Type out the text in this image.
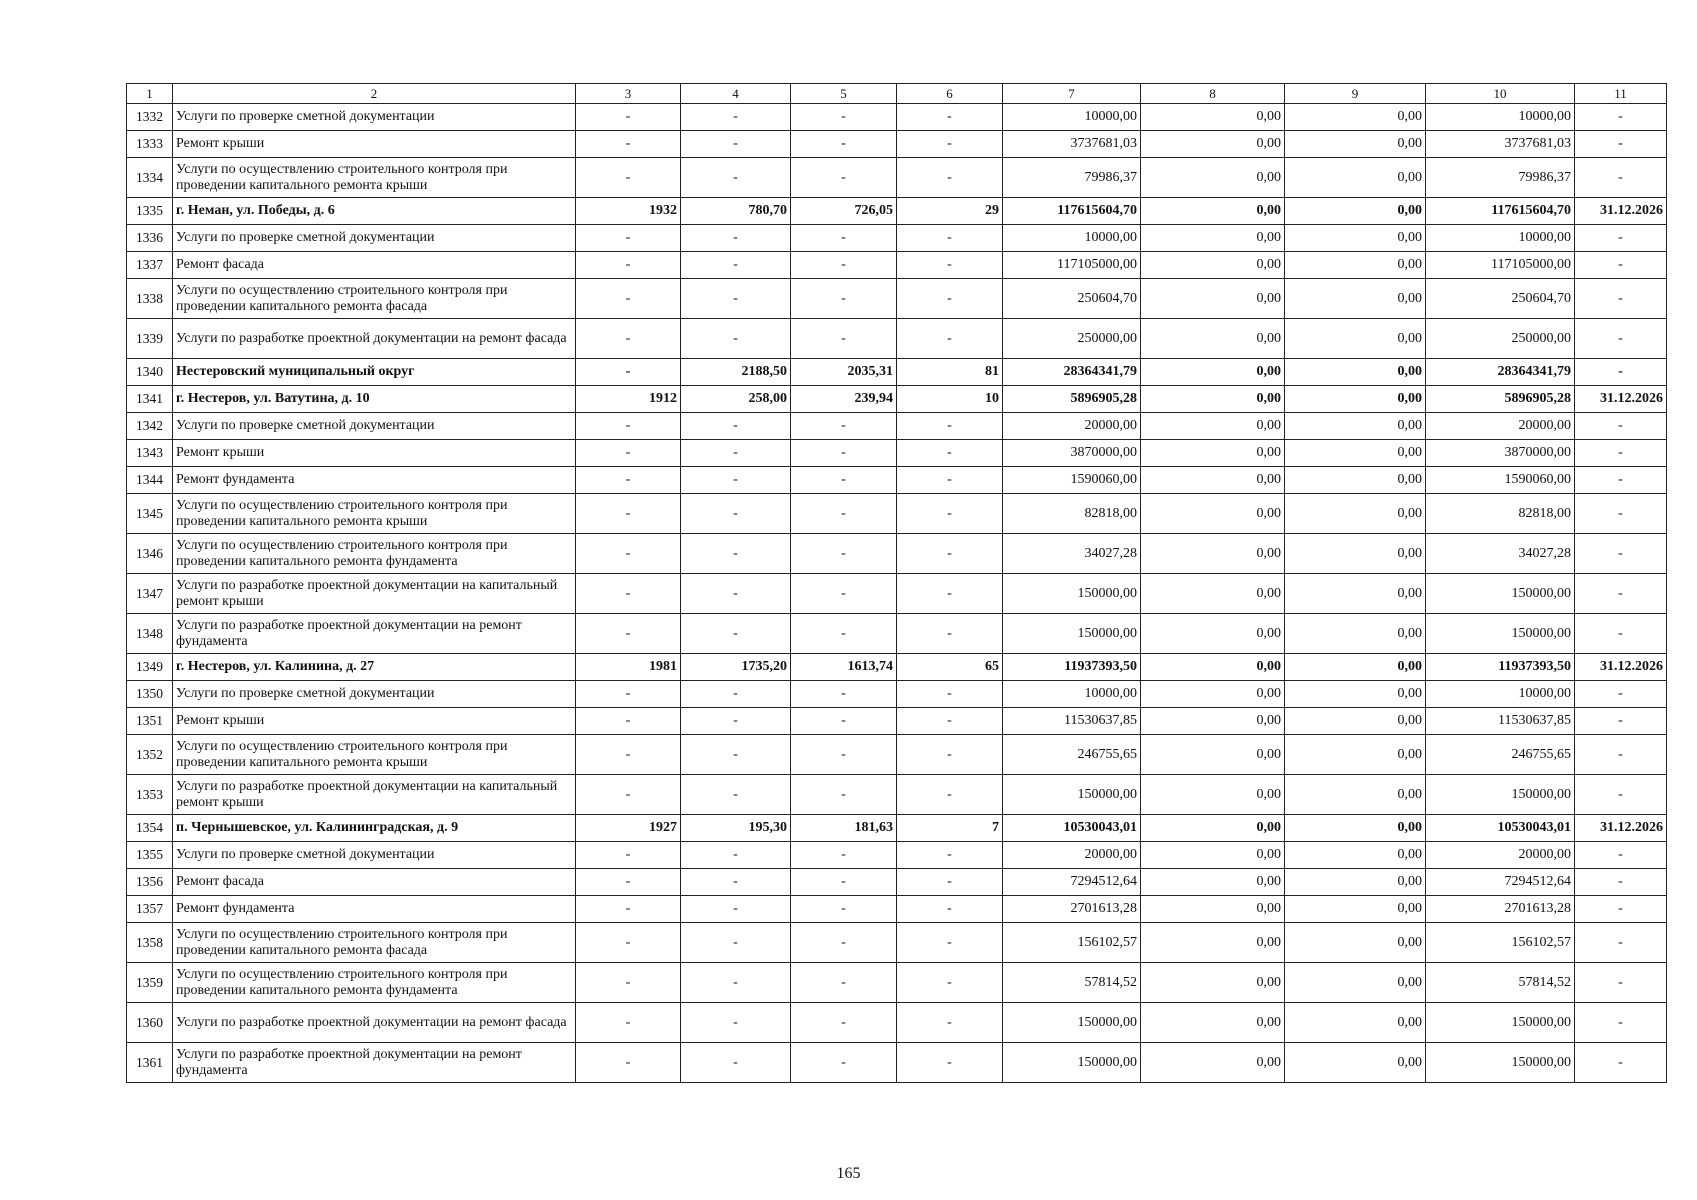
1	2	3	4	5	6	7	8	9	10	11
1332	Услуги по проверке сметной документации	-	-	-	-	10000,00	0,00	0,00	10000,00	-
1333	Ремонт крыши	-	-	-	-	3737681,03	0,00	0,00	3737681,03	-
1334	Услуги по осуществлению строительного контроля при проведении капитального ремонта крыши	-	-	-	-	79986,37	0,00	0,00	79986,37	-
1335	г. Неман, ул. Победы, д. 6	1932	780,70	726,05	29	117615604,70	0,00	0,00	117615604,70	31.12.2026
1336	Услуги по проверке сметной документации	-	-	-	-	10000,00	0,00	0,00	10000,00	-
1337	Ремонт фасада	-	-	-	-	117105000,00	0,00	0,00	117105000,00	-
1338	Услуги по осуществлению строительного контроля при проведении капитального ремонта фасада	-	-	-	-	250604,70	0,00	0,00	250604,70	-
1339	Услуги по разработке проектной документации на ремонт фасада	-	-	-	-	250000,00	0,00	0,00	250000,00	-
1340	Нестеровский муниципальный округ	-	2188,50	2035,31	81	28364341,79	0,00	0,00	28364341,79	-
1341	г. Нестеров, ул. Ватутина, д. 10	1912	258,00	239,94	10	5896905,28	0,00	0,00	5896905,28	31.12.2026
1342	Услуги по проверке сметной документации	-	-	-	-	20000,00	0,00	0,00	20000,00	-
1343	Ремонт крыши	-	-	-	-	3870000,00	0,00	0,00	3870000,00	-
1344	Ремонт фундамента	-	-	-	-	1590060,00	0,00	0,00	1590060,00	-
1345	Услуги по осуществлению строительного контроля при проведении капитального ремонта крыши	-	-	-	-	82818,00	0,00	0,00	82818,00	-
1346	Услуги по осуществлению строительного контроля при проведении капитального ремонта фундамента	-	-	-	-	34027,28	0,00	0,00	34027,28	-
1347	Услуги по разработке проектной документации на капитальный ремонт крыши	-	-	-	-	150000,00	0,00	0,00	150000,00	-
1348	Услуги по разработке проектной документации на ремонт фундамента	-	-	-	-	150000,00	0,00	0,00	150000,00	-
1349	г. Нестеров, ул. Калинина, д. 27	1981	1735,20	1613,74	65	11937393,50	0,00	0,00	11937393,50	31.12.2026
1350	Услуги по проверке сметной документации	-	-	-	-	10000,00	0,00	0,00	10000,00	-
1351	Ремонт крыши	-	-	-	-	11530637,85	0,00	0,00	11530637,85	-
1352	Услуги по осуществлению строительного контроля при проведении капитального ремонта крыши	-	-	-	-	246755,65	0,00	0,00	246755,65	-
1353	Услуги по разработке проектной документации на капитальный ремонт крыши	-	-	-	-	150000,00	0,00	0,00	150000,00	-
1354	п. Чернышевское, ул. Калининградская, д. 9	1927	195,30	181,63	7	10530043,01	0,00	0,00	10530043,01	31.12.2026
1355	Услуги по проверке сметной документации	-	-	-	-	20000,00	0,00	0,00	20000,00	-
1356	Ремонт фасада	-	-	-	-	7294512,64	0,00	0,00	7294512,64	-
1357	Ремонт фундамента	-	-	-	-	2701613,28	0,00	0,00	2701613,28	-
1358	Услуги по осуществлению строительного контроля при проведении капитального ремонта фасада	-	-	-	-	156102,57	0,00	0,00	156102,57	-
1359	Услуги по осуществлению строительного контроля при проведении капитального ремонта фундамента	-	-	-	-	57814,52	0,00	0,00	57814,52	-
1360	Услуги по разработке проектной документации на ремонт фасада	-	-	-	-	150000,00	0,00	0,00	150000,00	-
1361	Услуги по разработке проектной документации на ремонт фундамента	-	-	-	-	150000,00	0,00	0,00	150000,00	-
165
